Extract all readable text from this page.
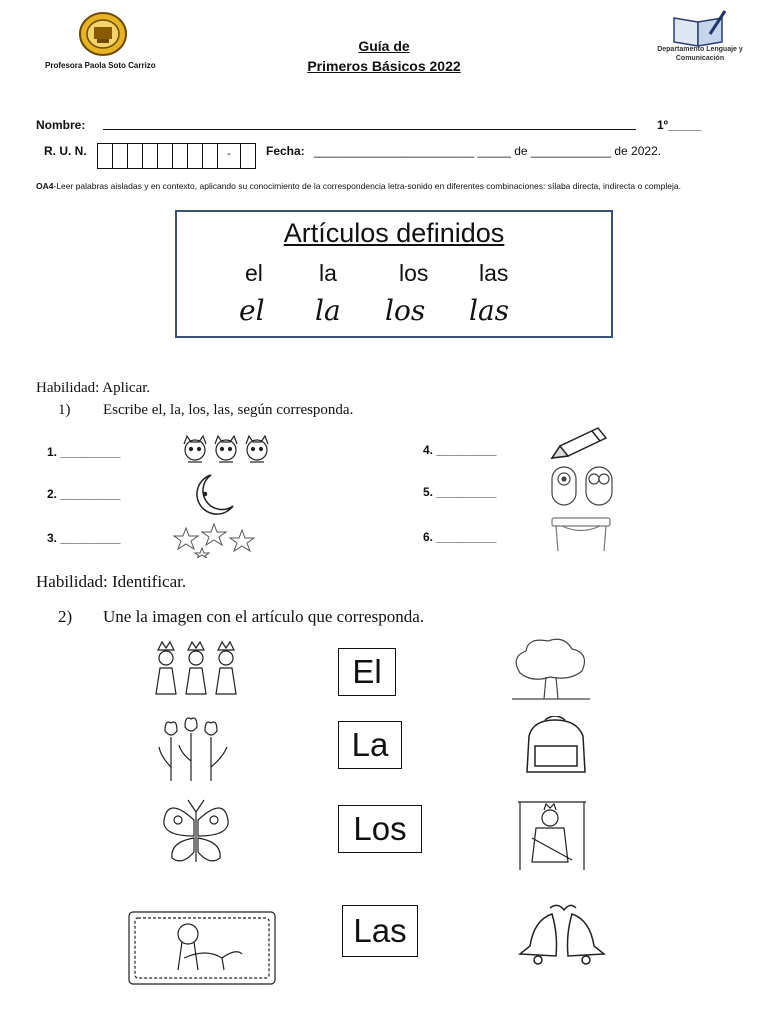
Profesora Paola Soto Carrizo
Guía de
Primeros Básicos 2022
Departamento Lenguaje y
Comunicación
Nombre:	1º_____
R. U. N.	-	Fecha: ________________________ _____ de ____________ de 2022.
OA4-Leer palabras aisladas y en contexto, aplicando su conocimiento de la correspondencia letra-sonido en diferentes combinaciones: sílaba directa, indirecta o compleja.
Artículos definidos
el la	los las
el la los las
Habilidad: Aplicar.
1) Escribe el, la, los, las, según corresponda.
1. _________
2. _________
3. _________
4. _________
5. _________
6. _________
Habilidad: Identificar.
2) Une la imagen con el artículo que corresponda.
El
La
Los
Las
